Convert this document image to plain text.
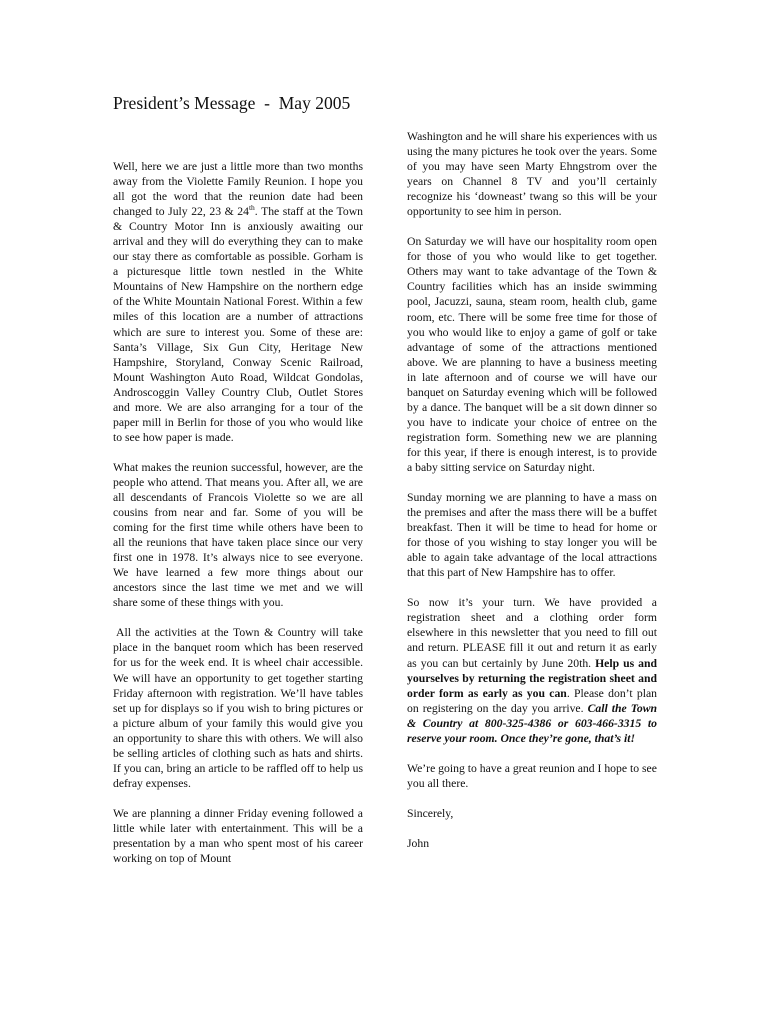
President’s Message  -  May 2005

Well, here we are just a little more than two months away from the Violette Family Reunion. I hope you all got the word that the reunion date had been changed to July 22, 23 & 24th. The staff at the Town & Country Motor Inn is anxiously awaiting our arrival and they will do everything they can to make our stay there as comfortable as possible. Gorham is a picturesque little town nestled in the White Mountains of New Hampshire on the northern edge of the White Mountain National Forest. Within a few miles of this location are a number of attractions which are sure to interest you. Some of these are: Santa’s Village, Six Gun City, Heritage New Hampshire, Storyland, Conway Scenic Railroad, Mount Washington Auto Road, Wildcat Gondolas, Androscoggin Valley Country Club, Outlet Stores and more. We are also arranging for a tour of the paper mill in Berlin for those of you who would like to see how paper is made.

What makes the reunion successful, however, are the people who attend. That means you. After all, we are all descendants of Francois Violette so we are all cousins from near and far. Some of you will be coming for the first time while others have been to all the reunions that have taken place since our very first one in 1978. It’s always nice to see everyone. We have learned a few more things about our ancestors since the last time we met and we will share some of these things with you.

All the activities at the Town & Country will take place in the banquet room which has been reserved for us for the week end. It is wheel chair accessible. We will have an opportunity to get together starting Friday afternoon with registration. We’ll have tables set up for displays so if you wish to bring pictures or a picture album of your family this would give you an opportunity to share this with others. We will also be selling articles of clothing such as hats and shirts. If you can, bring an article to be raffled off to help us defray expenses.

We are planning a dinner Friday evening followed a little while later with entertainment. This will be a presentation by a man who spent most of his career working on top of Mount

Washington and he will share his experiences with us using the many pictures he took over the years. Some of you may have seen Marty Ehngstrom over the years on Channel 8 TV and you’ll certainly recognize his ‘downeast’ twang so this will be your opportunity to see him in person.

On Saturday we will have our hospitality room open for those of you who would like to get together. Others may want to take advantage of the Town & Country facilities which has an inside swimming pool, Jacuzzi, sauna, steam room, health club, game room, etc. There will be some free time for those of you who would like to enjoy a game of golf or take advantage of some of the attractions mentioned above. We are planning to have a business meeting in late afternoon and of course we will have our banquet on Saturday evening which will be followed by a dance. The banquet will be a sit down dinner so you have to indicate your choice of entree on the registration form. Something new we are planning for this year, if there is enough interest, is to provide a baby sitting service on Saturday night.

Sunday morning we are planning to have a mass on the premises and after the mass there will be a buffet breakfast. Then it will be time to head for home or for those of you wishing to stay longer you will be able to again take advantage of the local attractions that this part of New Hampshire has to offer.

So now it’s your turn. We have provided a registration sheet and a clothing order form elsewhere in this newsletter that you need to fill out and return. PLEASE fill it out and return it as early as you can but certainly by June 20th. Help us and yourselves by returning the registration sheet and order form as early as you can. Please don’t plan on registering on the day you arrive. Call the Town & Country at 800-325-4386 or 603-466-3315 to reserve your room. Once they’re gone, that’s it!

We’re going to have a great reunion and I hope to see you all there.

Sincerely,

John
